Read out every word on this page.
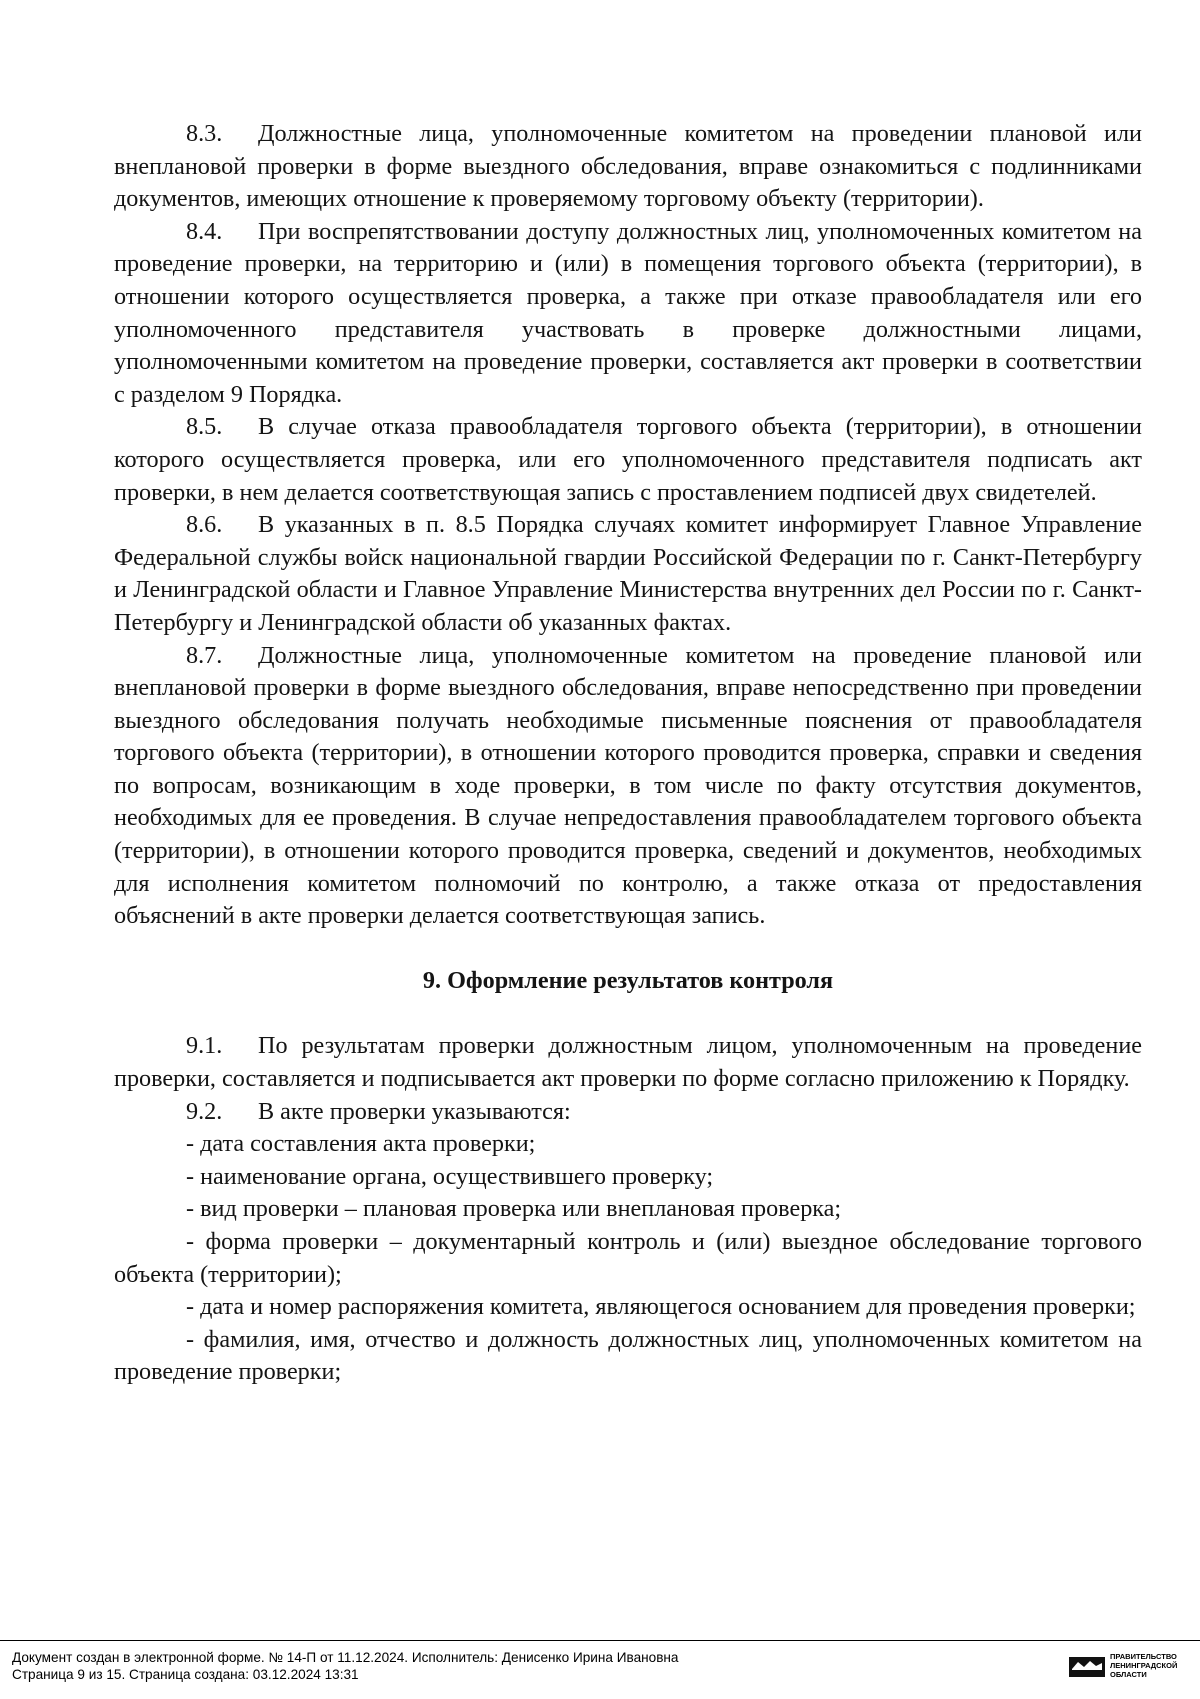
8.3. Должностные лица, уполномоченные комитетом на проведении плановой или внеплановой проверки в форме выездного обследования, вправе ознакомиться с подлинниками документов, имеющих отношение к проверяемому торговому объекту (территории).

8.4. При воспрепятствовании доступу должностных лиц, уполномоченных комитетом на проведение проверки, на территорию и (или) в помещения торгового объекта (территории), в отношении которого осуществляется проверка, а также при отказе правообладателя или его уполномоченного представителя участвовать в проверке должностными лицами, уполномоченными комитетом на проведение проверки, составляется акт проверки в соответствии с разделом 9 Порядка.

8.5. В случае отказа правообладателя торгового объекта (территории), в отношении которого осуществляется проверка, или его уполномоченного представителя подписать акт проверки, в нем делается соответствующая запись с проставлением подписей двух свидетелей.

8.6. В указанных в п. 8.5 Порядка случаях комитет информирует Главное Управление Федеральной службы войск национальной гвардии Российской Федерации по г. Санкт-Петербургу и Ленинградской области и Главное Управление Министерства внутренних дел России по г. Санкт-Петербургу и Ленинградской области об указанных фактах.

8.7. Должностные лица, уполномоченные комитетом на проведение плановой или внеплановой проверки в форме выездного обследования, вправе непосредственно при проведении выездного обследования получать необходимые письменные пояснения от правообладателя торгового объекта (территории), в отношении которого проводится проверка, справки и сведения по вопросам, возникающим в ходе проверки, в том числе по факту отсутствия документов, необходимых для ее проведения. В случае непредоставления правообладателем торгового объекта (территории), в отношении которого проводится проверка, сведений и документов, необходимых для исполнения комитетом полномочий по контролю, а также отказа от предоставления объяснений в акте проверки делается соответствующая запись.

9. Оформление результатов контроля

9.1. По результатам проверки должностным лицом, уполномоченным на проведение проверки, составляется и подписывается акт проверки по форме согласно приложению к Порядку.

9.2. В акте проверки указываются:

- дата составления акта проверки;

- наименование органа, осуществившего проверку;

- вид проверки – плановая проверка или внеплановая проверка;

- форма проверки – документарный контроль и (или) выездное обследование торгового объекта (территории);

- дата и номер распоряжения комитета, являющегося основанием для проведения проверки;

- фамилия, имя, отчество и должность должностных лиц, уполномоченных комитетом на проведение проверки;

Документ создан в электронной форме. № 14-П от 11.12.2024. Исполнитель: Денисенко Ирина Ивановна
Страница 9 из 15. Страница создана: 03.12.2024 13:31
ПРАВИТЕЛЬСТВО
ЛЕНИНГРАДСКОЙ
ОБЛАСТИ
